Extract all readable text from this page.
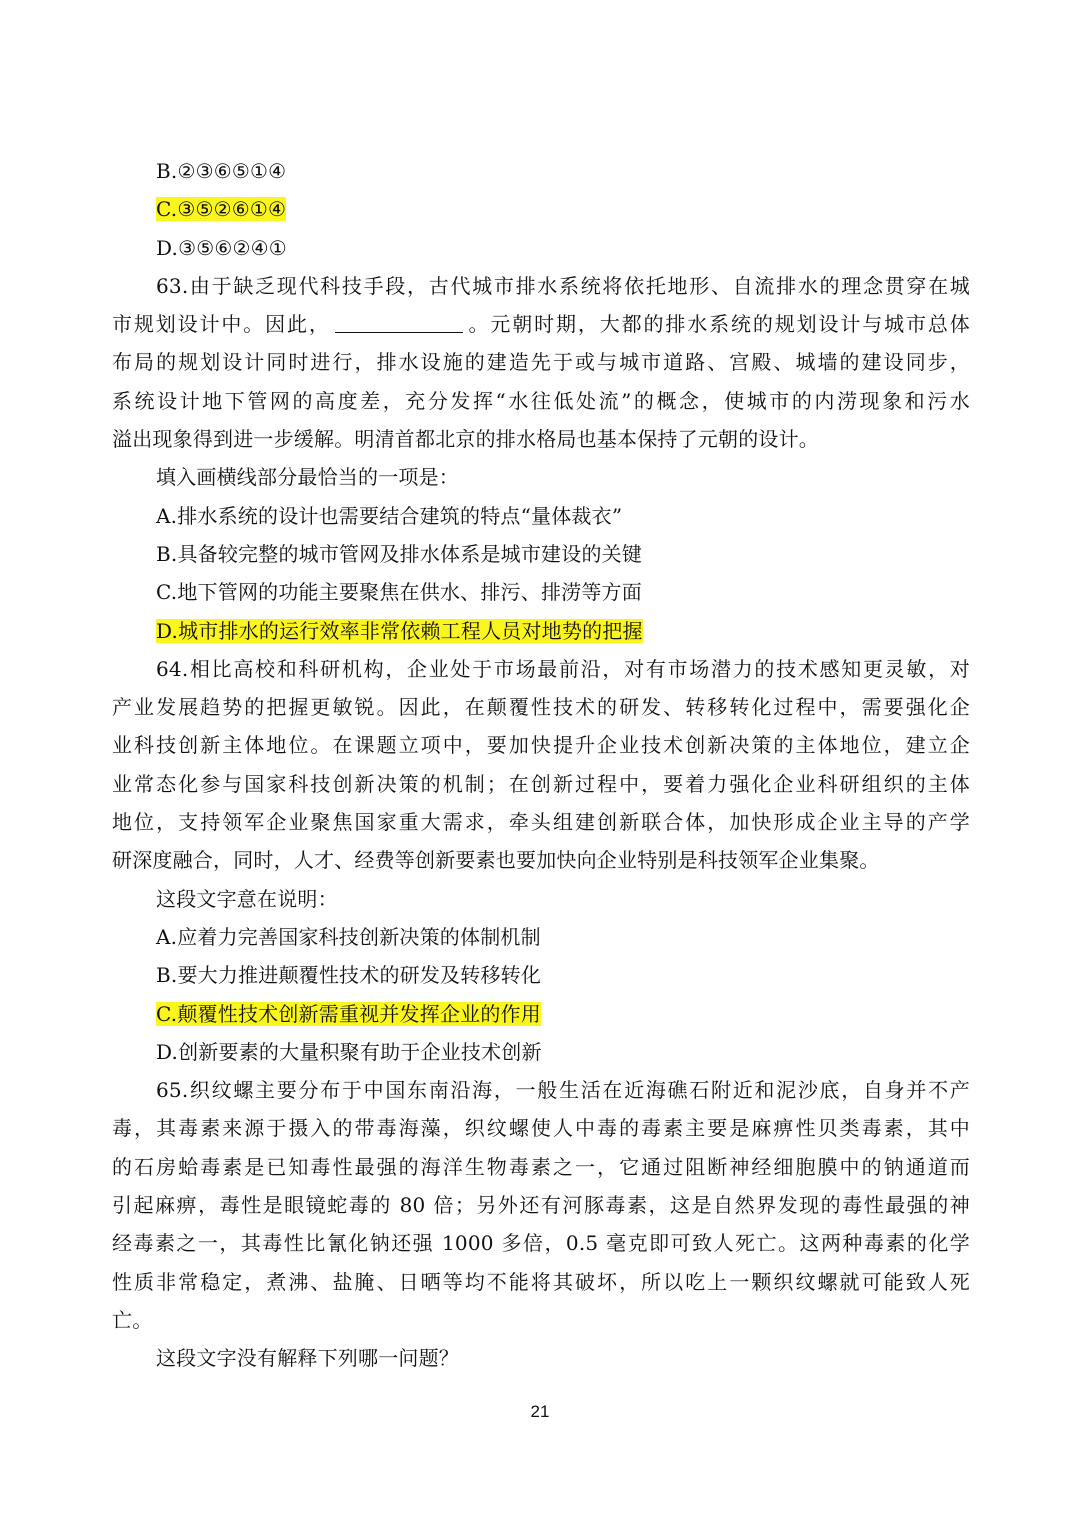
B.②③⑥⑤①④
C.③⑤②⑥①④
D.③⑤⑥②④①
63.由于缺乏现代科技手段，古代城市排水系统将依托地形、自流排水的理念贯穿在城
市规划设计中。因此，	。元朝时期，大都的排水系统的规划设计与城市总体
布局的规划设计同时进行，排水设施的建造先于或与城市道路、宫殿、城墙的建设同步，
系统设计地下管网的高度差，充分发挥“水往低处流”的概念，使城市的内涝现象和污水
溢出现象得到进一步缓解。明清首都北京的排水格局也基本保持了元朝的设计。
填入画横线部分最恰当的一项是：
A.排水系统的设计也需要结合建筑的特点“量体裁衣”
B.具备较完整的城市管网及排水体系是城市建设的关键
C.地下管网的功能主要聚焦在供水、排污、排涝等方面
D.城市排水的运行效率非常依赖工程人员对地势的把握
64.相比高校和科研机构，企业处于市场最前沿，对有市场潜力的技术感知更灵敏，对
产业发展趋势的把握更敏锐。因此，在颠覆性技术的研发、转移转化过程中，需要强化企
业科技创新主体地位。在课题立项中，要加快提升企业技术创新决策的主体地位，建立企
业常态化参与国家科技创新决策的机制；在创新过程中，要着力强化企业科研组织的主体
地位，支持领军企业聚焦国家重大需求，牵头组建创新联合体，加快形成企业主导的产学
研深度融合，同时，人才、经费等创新要素也要加快向企业特别是科技领军企业集聚。
这段文字意在说明：
A.应着力完善国家科技创新决策的体制机制
B.要大力推进颠覆性技术的研发及转移转化
C.颠覆性技术创新需重视并发挥企业的作用
D.创新要素的大量积聚有助于企业技术创新
65.织纹螺主要分布于中国东南沿海，一般生活在近海礁石附近和泥沙底，自身并不产
毒，其毒素来源于摄入的带毒海藻，织纹螺使人中毒的毒素主要是麻痹性贝类毒素，其中
的石房蛤毒素是已知毒性最强的海洋生物毒素之一，它通过阻断神经细胞膜中的钠通道而
引起麻痹，毒性是眼镜蛇毒的 80 倍；另外还有河豚毒素，这是自然界发现的毒性最强的神
经毒素之一，其毒性比氰化钠还强 1000 多倍，0.5 毫克即可致人死亡。这两种毒素的化学
性质非常稳定，煮沸、盐腌、日晒等均不能将其破坏，所以吃上一颗织纹螺就可能致人死
亡。
这段文字没有解释下列哪一问题？
21
